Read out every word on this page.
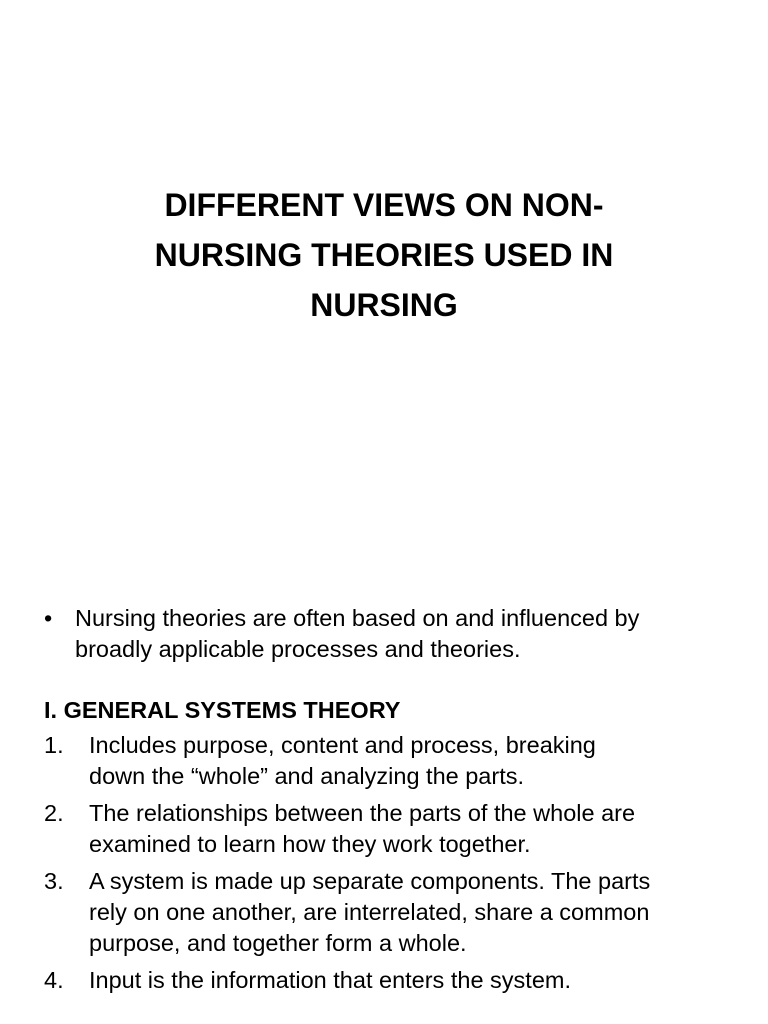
DIFFERENT VIEWS ON NON-
NURSING THEORIES USED IN
NURSING
• Nursing theories are often based on and influenced by
broadly applicable processes and theories.
I. GENERAL SYSTEMS THEORY
1.	Includes purpose, content and process, breaking
down the “whole” and analyzing the parts.
2.	The relationships between the parts of the whole are
examined to learn how they work together.
3.	A system is made up separate components. The parts
rely on one another, are interrelated, share a common
purpose, and together form a whole.
4.	Input is the information that enters the system.
